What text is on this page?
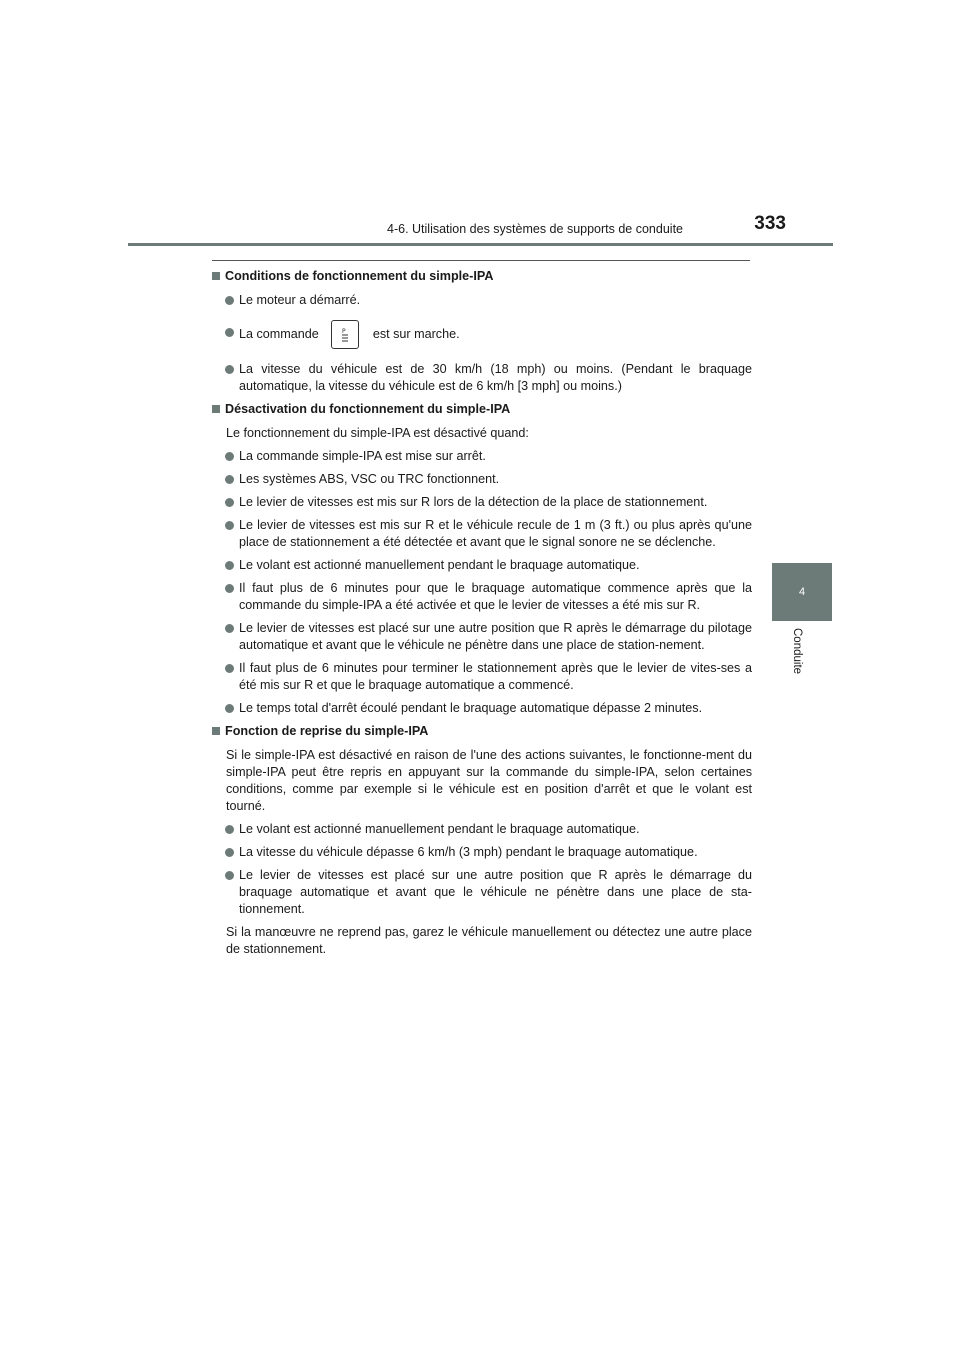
4-6. Utilisation des systèmes de supports de conduite	333
4
Conduite
Conditions de fonctionnement du simple-IPA
Le moteur a démarré.
La commande	P est sur marche.
La vitesse du véhicule est de 30 km/h (18 mph) ou moins. (Pendant le braquage automatique, la vitesse du véhicule est de 6 km/h [3 mph] ou moins.)
Désactivation du fonctionnement du simple-IPA
Le fonctionnement du simple-IPA est désactivé quand:
La commande simple-IPA est mise sur arrêt.
Les systèmes ABS, VSC ou TRC fonctionnent.
Le levier de vitesses est mis sur R lors de la détection de la place de stationnement.
Le levier de vitesses est mis sur R et le véhicule recule de 1 m (3 ft.) ou plus après qu'une place de stationnement a été détectée et avant que le signal sonore ne se déclenche.
Le volant est actionné manuellement pendant le braquage automatique.
Il faut plus de 6 minutes pour que le braquage automatique commence après que la commande du simple-IPA a été activée et que le levier de vitesses a été mis sur R.
Le levier de vitesses est placé sur une autre position que R après le démarrage du pilotage automatique et avant que le véhicule ne pénètre dans une place de station-nement.
Il faut plus de 6 minutes pour terminer le stationnement après que le levier de vites-ses a été mis sur R et que le braquage automatique a commencé.
Le temps total d'arrêt écoulé pendant le braquage automatique dépasse 2 minutes.
Fonction de reprise du simple-IPA
Si le simple-IPA est désactivé en raison de l'une des actions suivantes, le fonctionne-ment du simple-IPA peut être repris en appuyant sur la commande du simple-IPA, selon certaines conditions, comme par exemple si le véhicule est en position d'arrêt et que le volant est tourné.
Le volant est actionné manuellement pendant le braquage automatique.
La vitesse du véhicule dépasse 6 km/h (3 mph) pendant le braquage automatique.
Le levier de vitesses est placé sur une autre position que R après le démarrage du braquage automatique et avant que le véhicule ne pénètre dans une place de sta-tionnement.
Si la manœuvre ne reprend pas, garez le véhicule manuellement ou détectez une autre place de stationnement.
